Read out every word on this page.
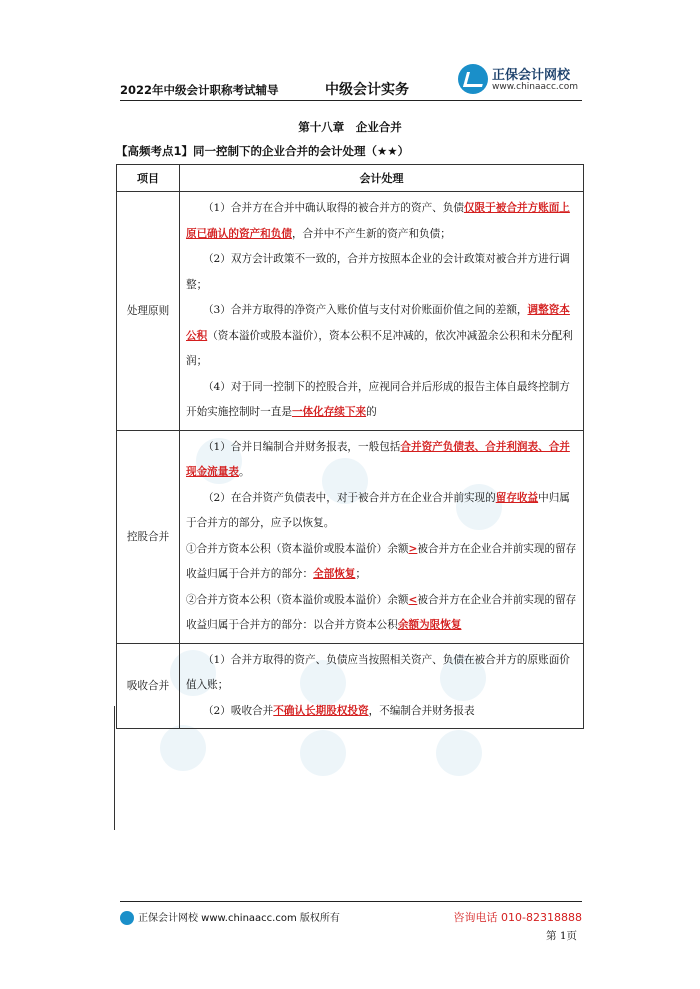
2022年中级会计职称考试辅导	中级会计实务
正保会计网校
www.chinaacc.com
第十八章　企业合并
【高频考点1】同一控制下的企业合并的会计处理（★★）
项目	会计处理
处理原则	（1）合并方在合并中确认取得的被合并方的资产、负债仅限于被合并方账面上原已确认的资产和负债，合并中不产生新的资产和负债；
（2）双方会计政策不一致的，合并方按照本企业的会计政策对被合并方进行调整；
（3）合并方取得的净资产入账价值与支付对价账面价值之间的差额，调整资本公积（资本溢价或股本溢价），资本公积不足冲减的，依次冲减盈余公积和未分配利润；
（4）对于同一控制下的控股合并，应视同合并后形成的报告主体自最终控制方开始实施控制时一直是一体化存续下来的

控股合并	（1）合并日编制合并财务报表，一般包括合并资产负债表、合并利润表、合并现金流量表。
（2）在合并资产负债表中，对于被合并方在企业合并前实现的留存收益中归属于合并方的部分，应予以恢复。
①合并方资本公积（资本溢价或股本溢价）余额>被合并方在企业合并前实现的留存收益归属于合并方的部分：全部恢复；
②合并方资本公积（资本溢价或股本溢价）余额<被合并方在企业合并前实现的留存收益归属于合并方的部分：以合并方资本公积余额为限恢复

吸收合并	（1）合并方取得的资产、负债应当按照相关资产、负债在被合并方的原账面价值入账；
（2）吸收合并不确认长期股权投资，不编制合并财务报表
正保会计网校 www.chinaacc.com 版权所有	咨询电话 010-82318888
第 1页
